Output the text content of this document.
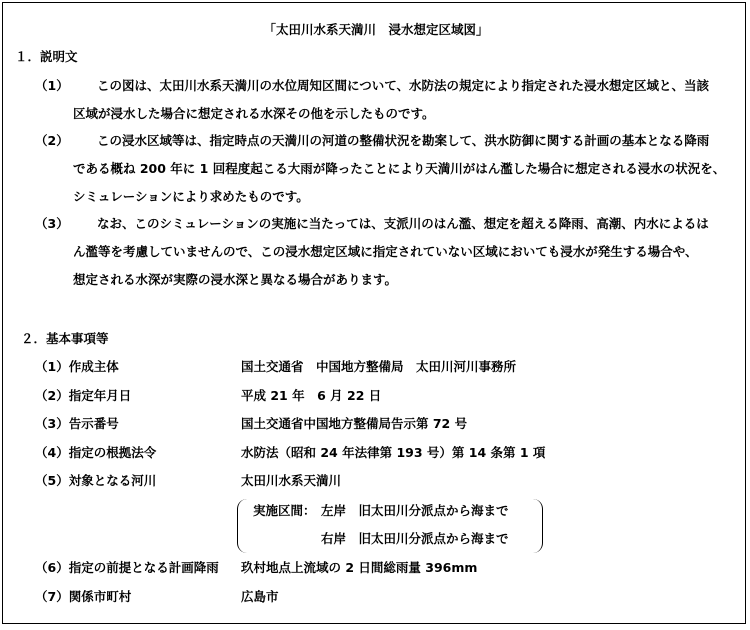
「太田川水系天満川　浸水想定区域図」
１．説明文
（1） この図は、太田川水系天満川の水位周知区間について、水防法の規定により指定された浸水想定区域と、当該
区域が浸水した場合に想定される水深その他を示したものです。
（2） この浸水区域等は、指定時点の天満川の河道の整備状況を勘案して、洪水防御に関する計画の基本となる降雨
である概ね 200 年に 1 回程度起こる大雨が降ったことにより天満川がはん濫した場合に想定される浸水の状況を、
シミュレーションにより求めたものです。
（3） なお、このシミュレーションの実施に当たっては、支派川のはん濫、想定を超える降雨、高潮、内水によるは
ん濫等を考慮していませんので、この浸水想定区域に指定されていない区域においても浸水が発生する場合や、
想定される水深が実際の浸水深と異なる場合があります。
２．基本事項等
（1）作成主体	国土交通省　中国地方整備局　太田川河川事務所
（2）指定年月日	平成 21 年　6 月 22 日
（3）告示番号	国土交通省中国地方整備局告示第 72 号
（4）指定の根拠法令	水防法（昭和 24 年法律第 193 号）第 14 条第 1 項
（5）対象となる河川	太田川水系天満川
実施区間： 左岸　旧太田川分派点から海まで
右岸　旧太田川分派点から海まで
（6）指定の前提となる計画降雨 玖村地点上流域の 2 日間総雨量 396mm
（7）関係市町村	広島市
